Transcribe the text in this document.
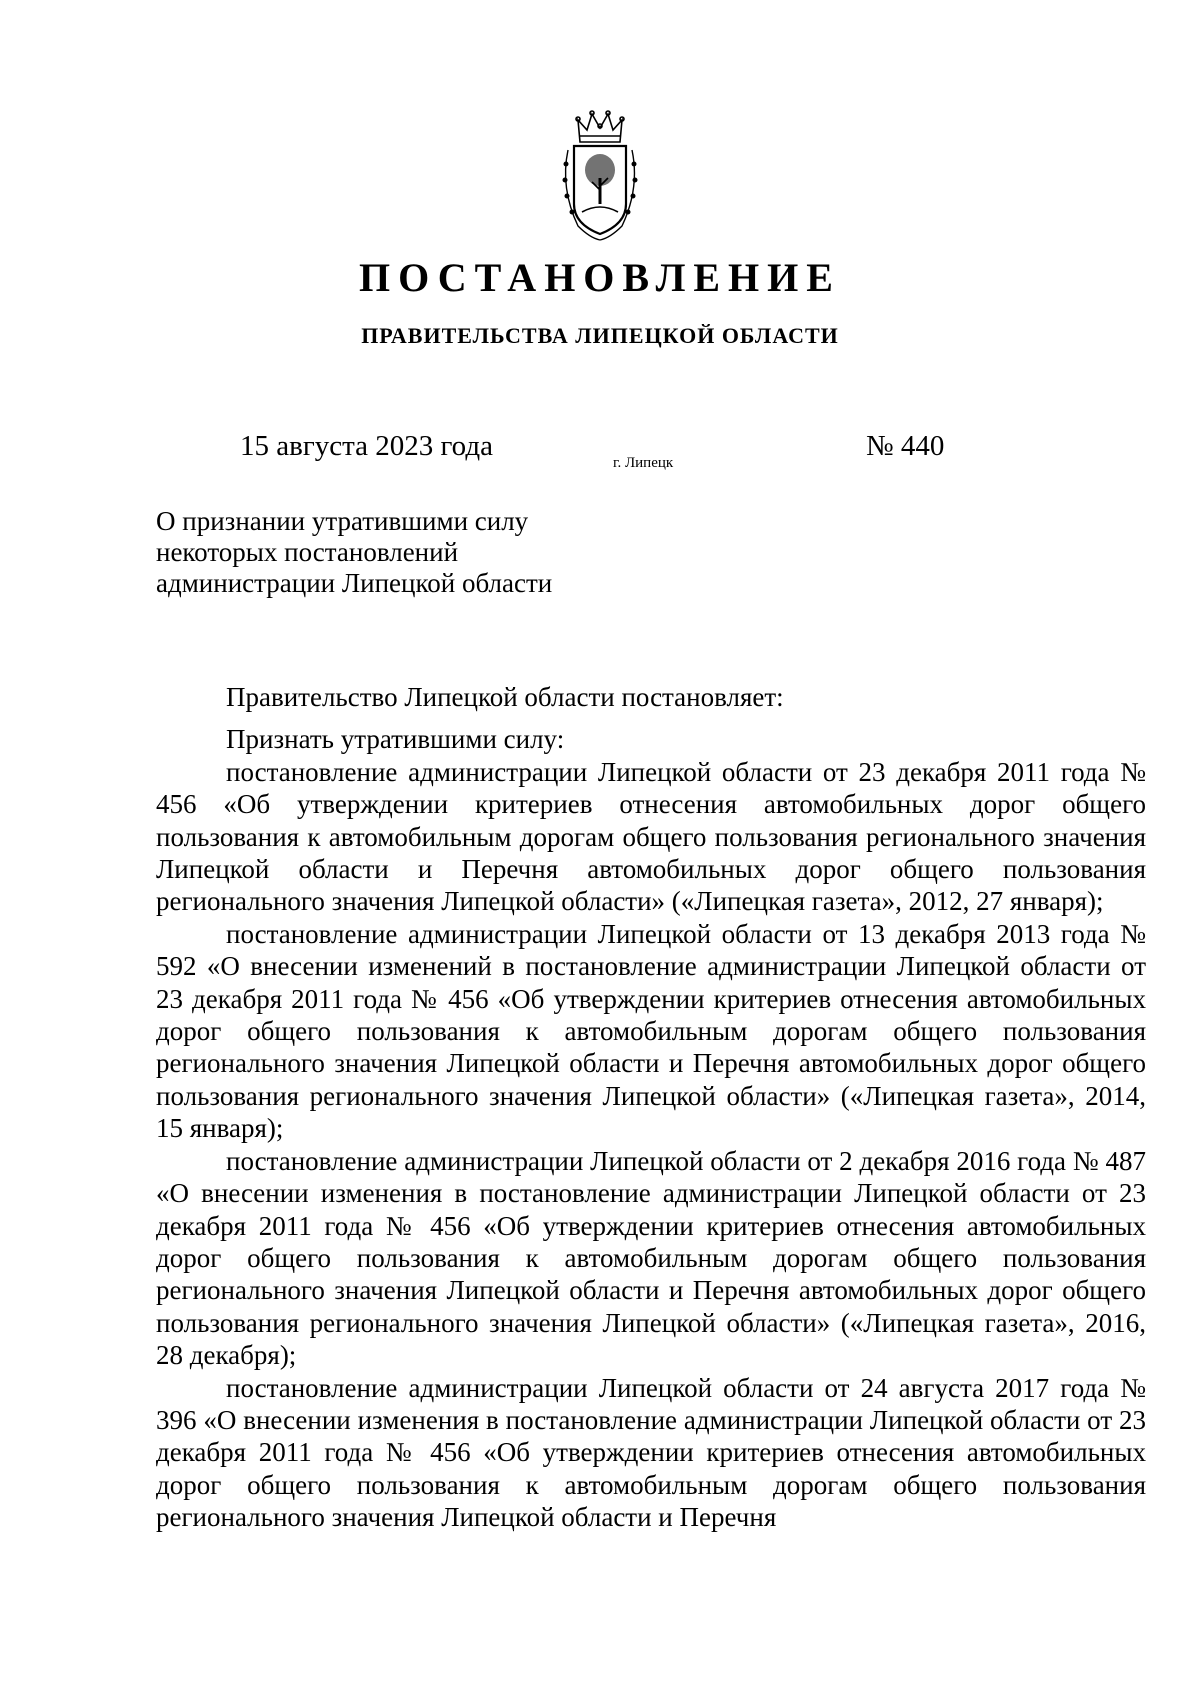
ПОСТАНОВЛЕНИЕ
ПРАВИТЕЛЬСТВА ЛИПЕЦКОЙ ОБЛАСТИ
15 августа 2023 года
г. Липецк
№ 440
О признании утратившими силу
некоторых постановлений
администрации Липецкой области

Правительство Липецкой области постановляет:

Признать утратившими силу:

постановление администрации Липецкой области от 23 декабря 2011 года № 456 «Об утверждении критериев отнесения автомобильных дорог общего пользования к автомобильным дорогам общего пользования регионального значения Липецкой области и Перечня автомобильных дорог общего пользования регионального значения Липецкой области» («Липецкая газета», 2012, 27 января);

постановление администрации Липецкой области от 13 декабря 2013 года № 592 «О внесении изменений в постановление администрации Липецкой области от 23 декабря 2011 года № 456 «Об утверждении критериев отнесения автомобильных дорог общего пользования к автомобильным дорогам общего пользования регионального значения Липецкой области и Перечня автомобильных дорог общего пользования регионального значения Липецкой области» («Липецкая газета», 2014, 15 января);

постановление администрации Липецкой области от 2 декабря 2016 года № 487 «О внесении изменения в постановление администрации Липецкой области от 23 декабря 2011 года № 456 «Об утверждении критериев отнесения автомобильных дорог общего пользования к автомобильным дорогам общего пользования регионального значения Липецкой области и Перечня автомобильных дорог общего пользования регионального значения Липецкой области» («Липецкая газета», 2016, 28 декабря);

постановление администрации Липецкой области от 24 августа 2017 года № 396 «О внесении изменения в постановление администрации Липецкой области от 23 декабря 2011 года № 456 «Об утверждении критериев отнесения автомобильных дорог общего пользования к автомобильным дорогам общего пользования регионального значения Липецкой области и Перечня
